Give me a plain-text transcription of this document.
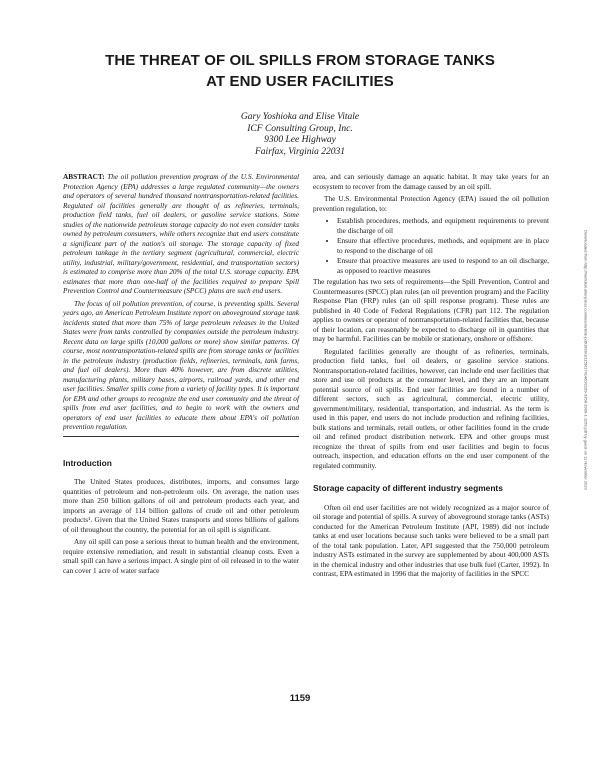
THE THREAT OF OIL SPILLS FROM STORAGE TANKS
AT END USER FACILITIES
Gary Yoshioka and Elise Vitale
ICF Consulting Group, Inc.
9300 Lee Highway
Fairfax, Virginia 22031

ABSTRACT: The oil pollution prevention program of the U.S. Environmental Protection Agency (EPA) addresses a large regulated community—the owners and operators of several hundred thousand nontransportation-related facilities. Regulated oil facilities generally are thought of as refineries, terminals, production field tanks, fuel oil dealers, or gasoline service stations. Some studies of the nationwide petroleum storage capacity do not even consider tanks owned by petroleum consumers, while others recognize that end users constitute a significant part of the nation's oil storage. The storage capacity of fixed petroleum tankage in the tertiary segment (agricultural, commercial, electric utility, industrial, military/government, residential, and transportation sectors) is estimated to comprise more than 20% of the total U.S. storage capacity. EPA estimates that more than one-half of the facilities required to prepare Spill Prevention Control and Countermeasure (SPCC) plans are such end users.

The focus of oil pollution prevention, of course, is preventing spills. Several years ago, an American Petroleum Institute report on aboveground storage tank incidents stated that more than 75% of large petroleum releases in the United States were from tanks controlled by companies outside the petroleum industry. Recent data on large spills (10,000 gallons or more) show similar patterns. Of course, most nontransportation-related spills are from storage tanks or facilities in the petroleum industry (production fields, refineries, terminals, tank farms, and fuel oil dealers). More than 40% however, are from discrete utilities, manufacturing plants, military bases, airports, railroad yards, and other end user facilities. Smaller spills come from a variety of facility types. It is important for EPA and other groups to recognize the end user community and the threat of spills from end user facilities, and to begin to work with the owners and operators of end user facilities to educate them about EPA's oil pollution prevention regulation.

Introduction

The United States produces, distributes, imports, and consumes large quantities of petroleum and non-petroleum oils. On average, the nation uses more than 250 billion gallons of oil and petroleum products each year, and imports an average of 114 billion gallons of crude oil and other petroleum products¹. Given that the United States transports and stores billions of gallons of oil throughout the country, the potential for an oil spill is significant.

Any oil spill can pose a serious threat to human health and the environment, require extensive remediation, and result in substantial cleanup costs. Even a small spill can have a serious impact. A single pint of oil released in to the water can cover 1 acre of water surface

area, and can seriously damage an aquatic habitat. It may take years for an ecosystem to recover from the damage caused by an oil spill.

The U.S. Environmental Protection Agency (EPA) issued the oil pollution prevention regulation, to:

• Establish procedures, methods, and equipment requirements to prevent the discharge of oil
• Ensure that effective procedures, methods, and equipment are in place to respond to the discharge of oil
• Ensure that proactive measures are used to respond to an oil discharge, as opposed to reactive measures

The regulation has two sets of requirements—the Spill Prevention, Control and Countermeasures (SPCC) plan rules (an oil prevention program) and the Facility Response Plan (FRP) rules (an oil spill response program). These rules are published in 40 Code of Federal Regulations (CFR) part 112. The regulation applies to owners or operator of nontransportation-related facilities that, because of their location, can reasonably be expected to discharge oil in quantities that may be harmful. Facilities can be mobile or stationary, onshore or offshore.

Regulated facilities generally are thought of as refineries, terminals, production field tanks, fuel oil dealers, or gasoline service stations. Nontransportation-related facilities, however, can include end user facilities that store and use oil products at the consumer level, and they are an important potential source of oil spills. End user facilities are found in a number of different sectors, such as agricultural, commercial, electric utility, government/military, residential, transportation, and industrial. As the term is used in this paper, end users do not include production and refining facilities, bulk stations and terminals, retail outlets, or other facilities found in the crude oil and refined product distribution network. EPA and other groups must recognize the threat of spills from end user facilities and begin to focus outreach, inspection, and education efforts on the end user component of the regulated community.

Storage capacity of different industry segments

Often oil end user facilities are not widely recognized as a major source of oil storage and potential of spills. A survey of aboveground storage tanks (ASTs) conducted for the American Petroleum Institute (API, 1989) did not include tanks at end user locations because such tanks were believed to be a small part of the total tank population. Later, API suggested that the 750,000 petroleum industry ASTs estimated in the survey are supplemented by about 400,000 ASTs in the chemical industry and other industries that use bulk fuel (Carter, 1992). In contrast, EPA estimated in 1996 that the majority of facilities in the SPCC

1159
Downloaded from http://meridian.allenpress.com/iosc/article-pdf/1999/1/1159/1741460/2169-3358-1999-1-1159.pdf by guest on 11 November 2023
